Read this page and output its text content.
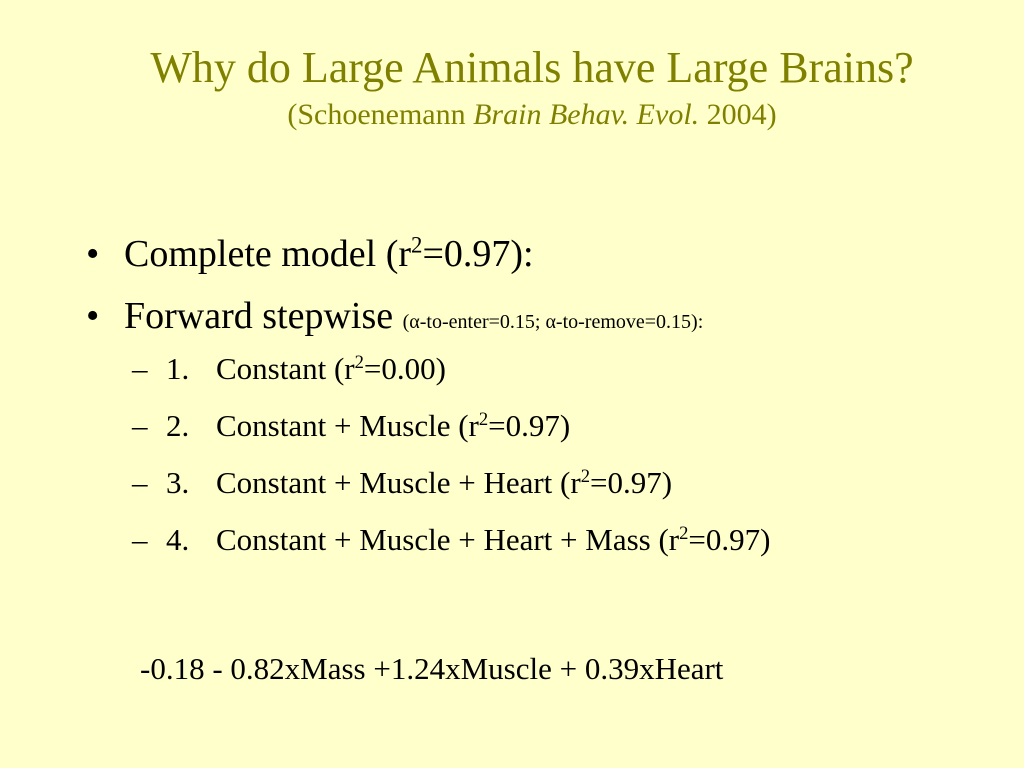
Why do Large Animals have Large Brains?
(Schoenemann Brain Behav. Evol. 2004)
• Complete model $(r^2=0.97)$:
• Forward stepwise (α-to-enter=0.15; α-to-remove=0.15):
– 1. Constant $(r^2=0.00)$
– 2. Constant + Muscle $(r^2=0.97)$
– 3. Constant + Muscle + Heart $(r^2=0.97)$
– 4. Constant + Muscle + Heart + Mass $(r^2=0.97)$
-0.18 - 0.82xMass +1.24xMuscle + 0.39xHeart
